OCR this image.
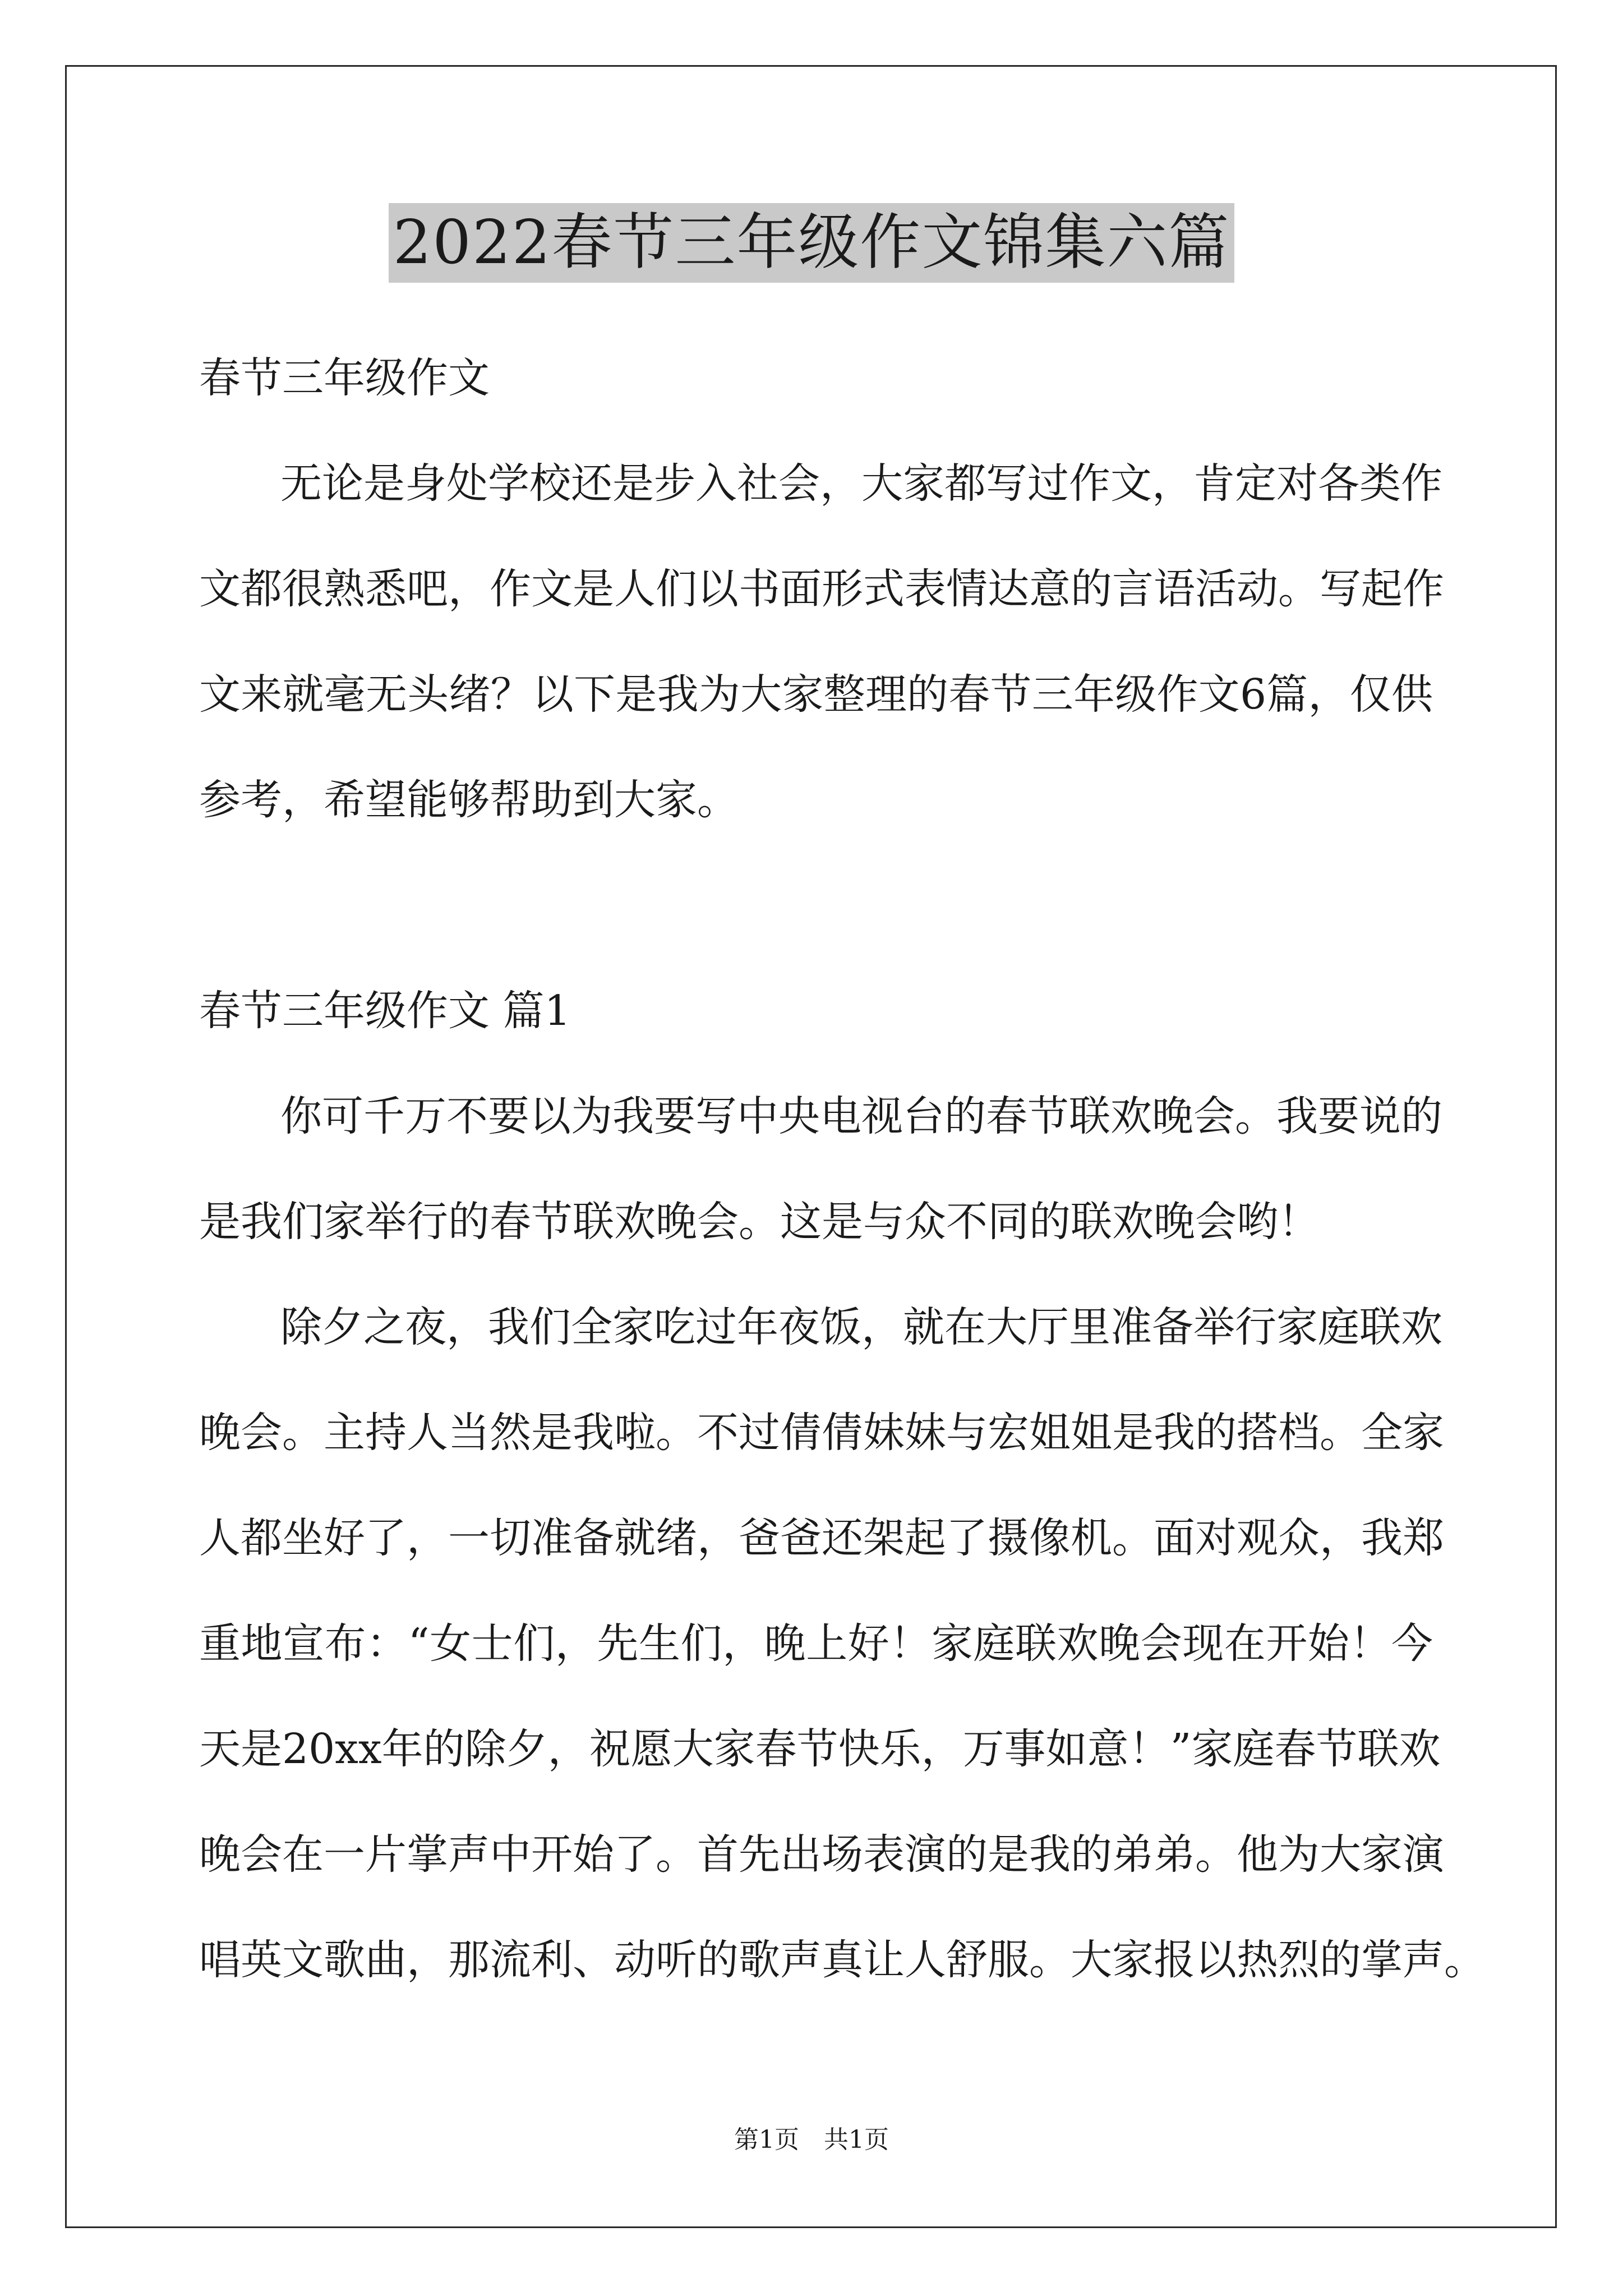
2022春节三年级作文锦集六篇
春节三年级作文
无论是身处学校还是步入社会，大家都写过作文，肯定对各类作
文都很熟悉吧，作文是人们以书面形式表情达意的言语活动。写起作
文来就毫无头绪？以下是我为大家整理的春节三年级作文6篇，仅供
参考，希望能够帮助到大家。
春节三年级作文 篇1
你可千万不要以为我要写中央电视台的春节联欢晚会。我要说的
是我们家举行的春节联欢晚会。这是与众不同的联欢晚会哟！
除夕之夜，我们全家吃过年夜饭，就在大厅里准备举行家庭联欢
晚会。主持人当然是我啦。不过倩倩妹妹与宏姐姐是我的搭档。全家
人都坐好了，一切准备就绪，爸爸还架起了摄像机。面对观众，我郑
重地宣布：“女士们，先生们，晚上好！家庭联欢晚会现在开始！今
天是20xx年的除夕，祝愿大家春节快乐，万事如意！”家庭春节联欢
晚会在一片掌声中开始了。首先出场表演的是我的弟弟。他为大家演
唱英文歌曲，那流利、动听的歌声真让人舒服。大家报以热烈的掌声。
第1页　共1页
